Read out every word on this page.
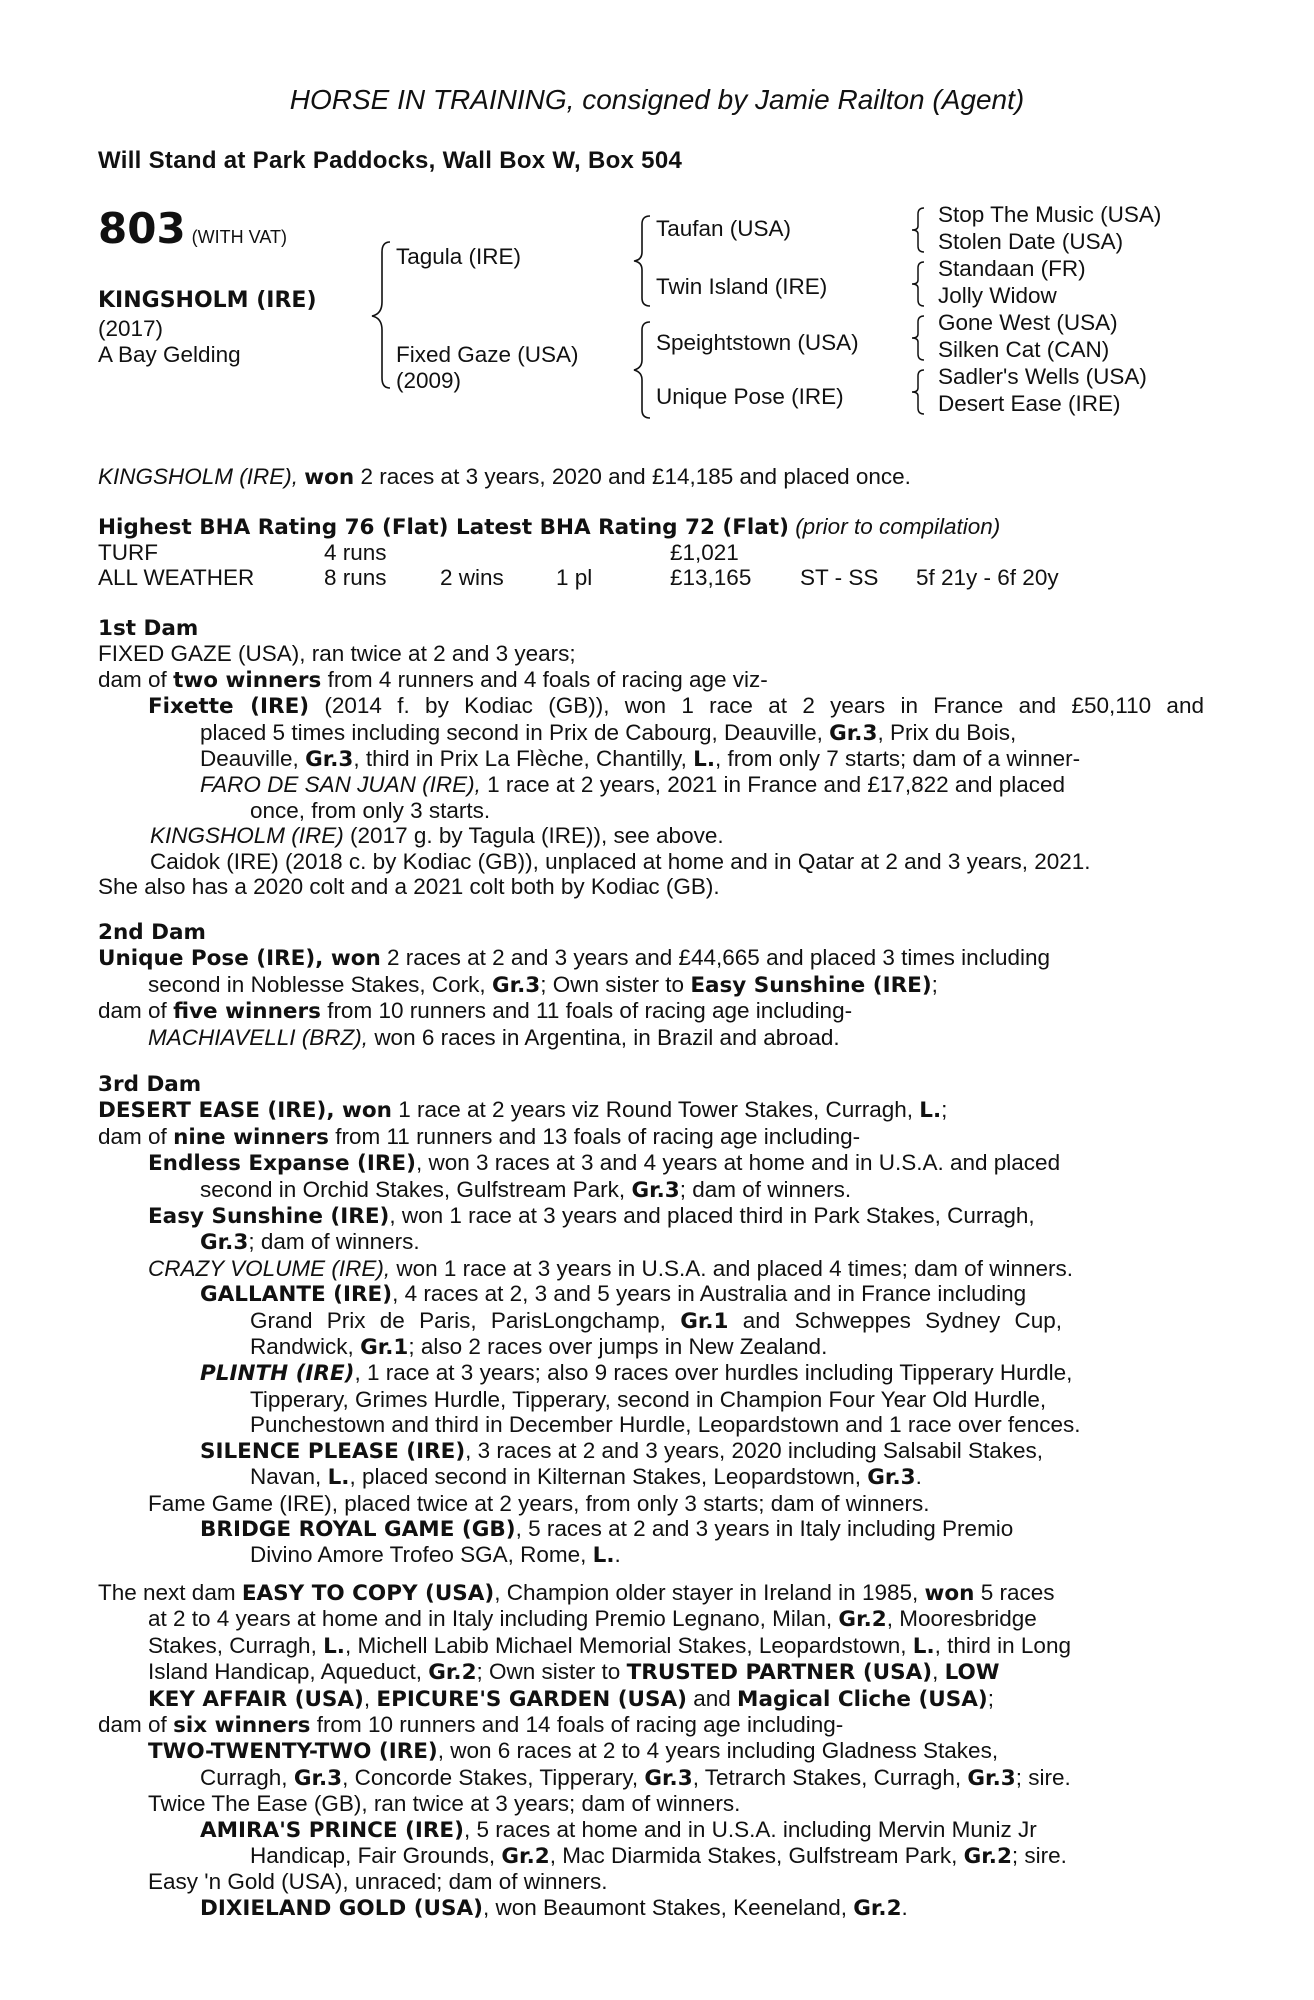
HORSE IN TRAINING, consigned by Jamie Railton (Agent)
Will Stand at Park Paddocks, Wall Box W, Box 504
803 (WITH VAT)
KINGSHOLM (IRE)
(2017)
A Bay Gelding
Tagula (IRE)
Fixed Gaze (USA)
(2009)
Taufan (USA)
Twin Island (IRE)
Speightstown (USA)
Unique Pose (IRE)
Stop The Music (USA)
Stolen Date (USA)
Standaan (FR)
Jolly Widow
Gone West (USA)
Silken Cat (CAN)
Sadler's Wells (USA)
Desert Ease (IRE)
KINGSHOLM (IRE), won 2 races at 3 years, 2020 and £14,185 and placed once.
Highest BHA Rating 76 (Flat) Latest BHA Rating 72 (Flat) (prior to compilation)
TURF	4 runs	£1,021
ALL WEATHER	8 runs 2 wins 1 pl	£13,165 ST - SS 5f 21y - 6f 20y
1st Dam
FIXED GAZE (USA), ran twice at 2 and 3 years;
dam of two winners from 4 runners and 4 foals of racing age viz-
Fixette (IRE) (2014 f. by Kodiac (GB)), won 1 race at 2 years in France and £50,110 and
placed 5 times including second in Prix de Cabourg, Deauville, Gr.3, Prix du Bois,
Deauville, Gr.3, third in Prix La Flèche, Chantilly, L., from only 7 starts; dam of a winner-
FARO DE SAN JUAN (IRE), 1 race at 2 years, 2021 in France and £17,822 and placed
once, from only 3 starts.
KINGSHOLM (IRE) (2017 g. by Tagula (IRE)), see above.
Caidok (IRE) (2018 c. by Kodiac (GB)), unplaced at home and in Qatar at 2 and 3 years, 2021.
She also has a 2020 colt and a 2021 colt both by Kodiac (GB).
2nd Dam
Unique Pose (IRE), won 2 races at 2 and 3 years and £44,665 and placed 3 times including
second in Noblesse Stakes, Cork, Gr.3; Own sister to Easy Sunshine (IRE);
dam of five winners from 10 runners and 11 foals of racing age including-
MACHIAVELLI (BRZ), won 6 races in Argentina, in Brazil and abroad.
3rd Dam
DESERT EASE (IRE), won 1 race at 2 years viz Round Tower Stakes, Curragh, L.;
dam of nine winners from 11 runners and 13 foals of racing age including-
Endless Expanse (IRE), won 3 races at 3 and 4 years at home and in U.S.A. and placed
second in Orchid Stakes, Gulfstream Park, Gr.3; dam of winners.
Easy Sunshine (IRE), won 1 race at 3 years and placed third in Park Stakes, Curragh,
Gr.3; dam of winners.
CRAZY VOLUME (IRE), won 1 race at 3 years in U.S.A. and placed 4 times; dam of winners.
GALLANTE (IRE), 4 races at 2, 3 and 5 years in Australia and in France including
Grand Prix de Paris, ParisLongchamp, Gr.1 and Schweppes Sydney Cup,
Randwick, Gr.1; also 2 races over jumps in New Zealand.
PLINTH (IRE), 1 race at 3 years; also 9 races over hurdles including Tipperary Hurdle,
Tipperary, Grimes Hurdle, Tipperary, second in Champion Four Year Old Hurdle,
Punchestown and third in December Hurdle, Leopardstown and 1 race over fences.
SILENCE PLEASE (IRE), 3 races at 2 and 3 years, 2020 including Salsabil Stakes,
Navan, L., placed second in Kilternan Stakes, Leopardstown, Gr.3.
Fame Game (IRE), placed twice at 2 years, from only 3 starts; dam of winners.
BRIDGE ROYAL GAME (GB), 5 races at 2 and 3 years in Italy including Premio
Divino Amore Trofeo SGA, Rome, L..
The next dam EASY TO COPY (USA), Champion older stayer in Ireland in 1985, won 5 races
at 2 to 4 years at home and in Italy including Premio Legnano, Milan, Gr.2, Mooresbridge
Stakes, Curragh, L., Michell Labib Michael Memorial Stakes, Leopardstown, L., third in Long
Island Handicap, Aqueduct, Gr.2; Own sister to TRUSTED PARTNER (USA), LOW
KEY AFFAIR (USA), EPICURE'S GARDEN (USA) and Magical Cliche (USA);
dam of six winners from 10 runners and 14 foals of racing age including-
TWO-TWENTY-TWO (IRE), won 6 races at 2 to 4 years including Gladness Stakes,
Curragh, Gr.3, Concorde Stakes, Tipperary, Gr.3, Tetrarch Stakes, Curragh, Gr.3; sire.
Twice The Ease (GB), ran twice at 3 years; dam of winners.
AMIRA'S PRINCE (IRE), 5 races at home and in U.S.A. including Mervin Muniz Jr
Handicap, Fair Grounds, Gr.2, Mac Diarmida Stakes, Gulfstream Park, Gr.2; sire.
Easy 'n Gold (USA), unraced; dam of winners.
DIXIELAND GOLD (USA), won Beaumont Stakes, Keeneland, Gr.2.
